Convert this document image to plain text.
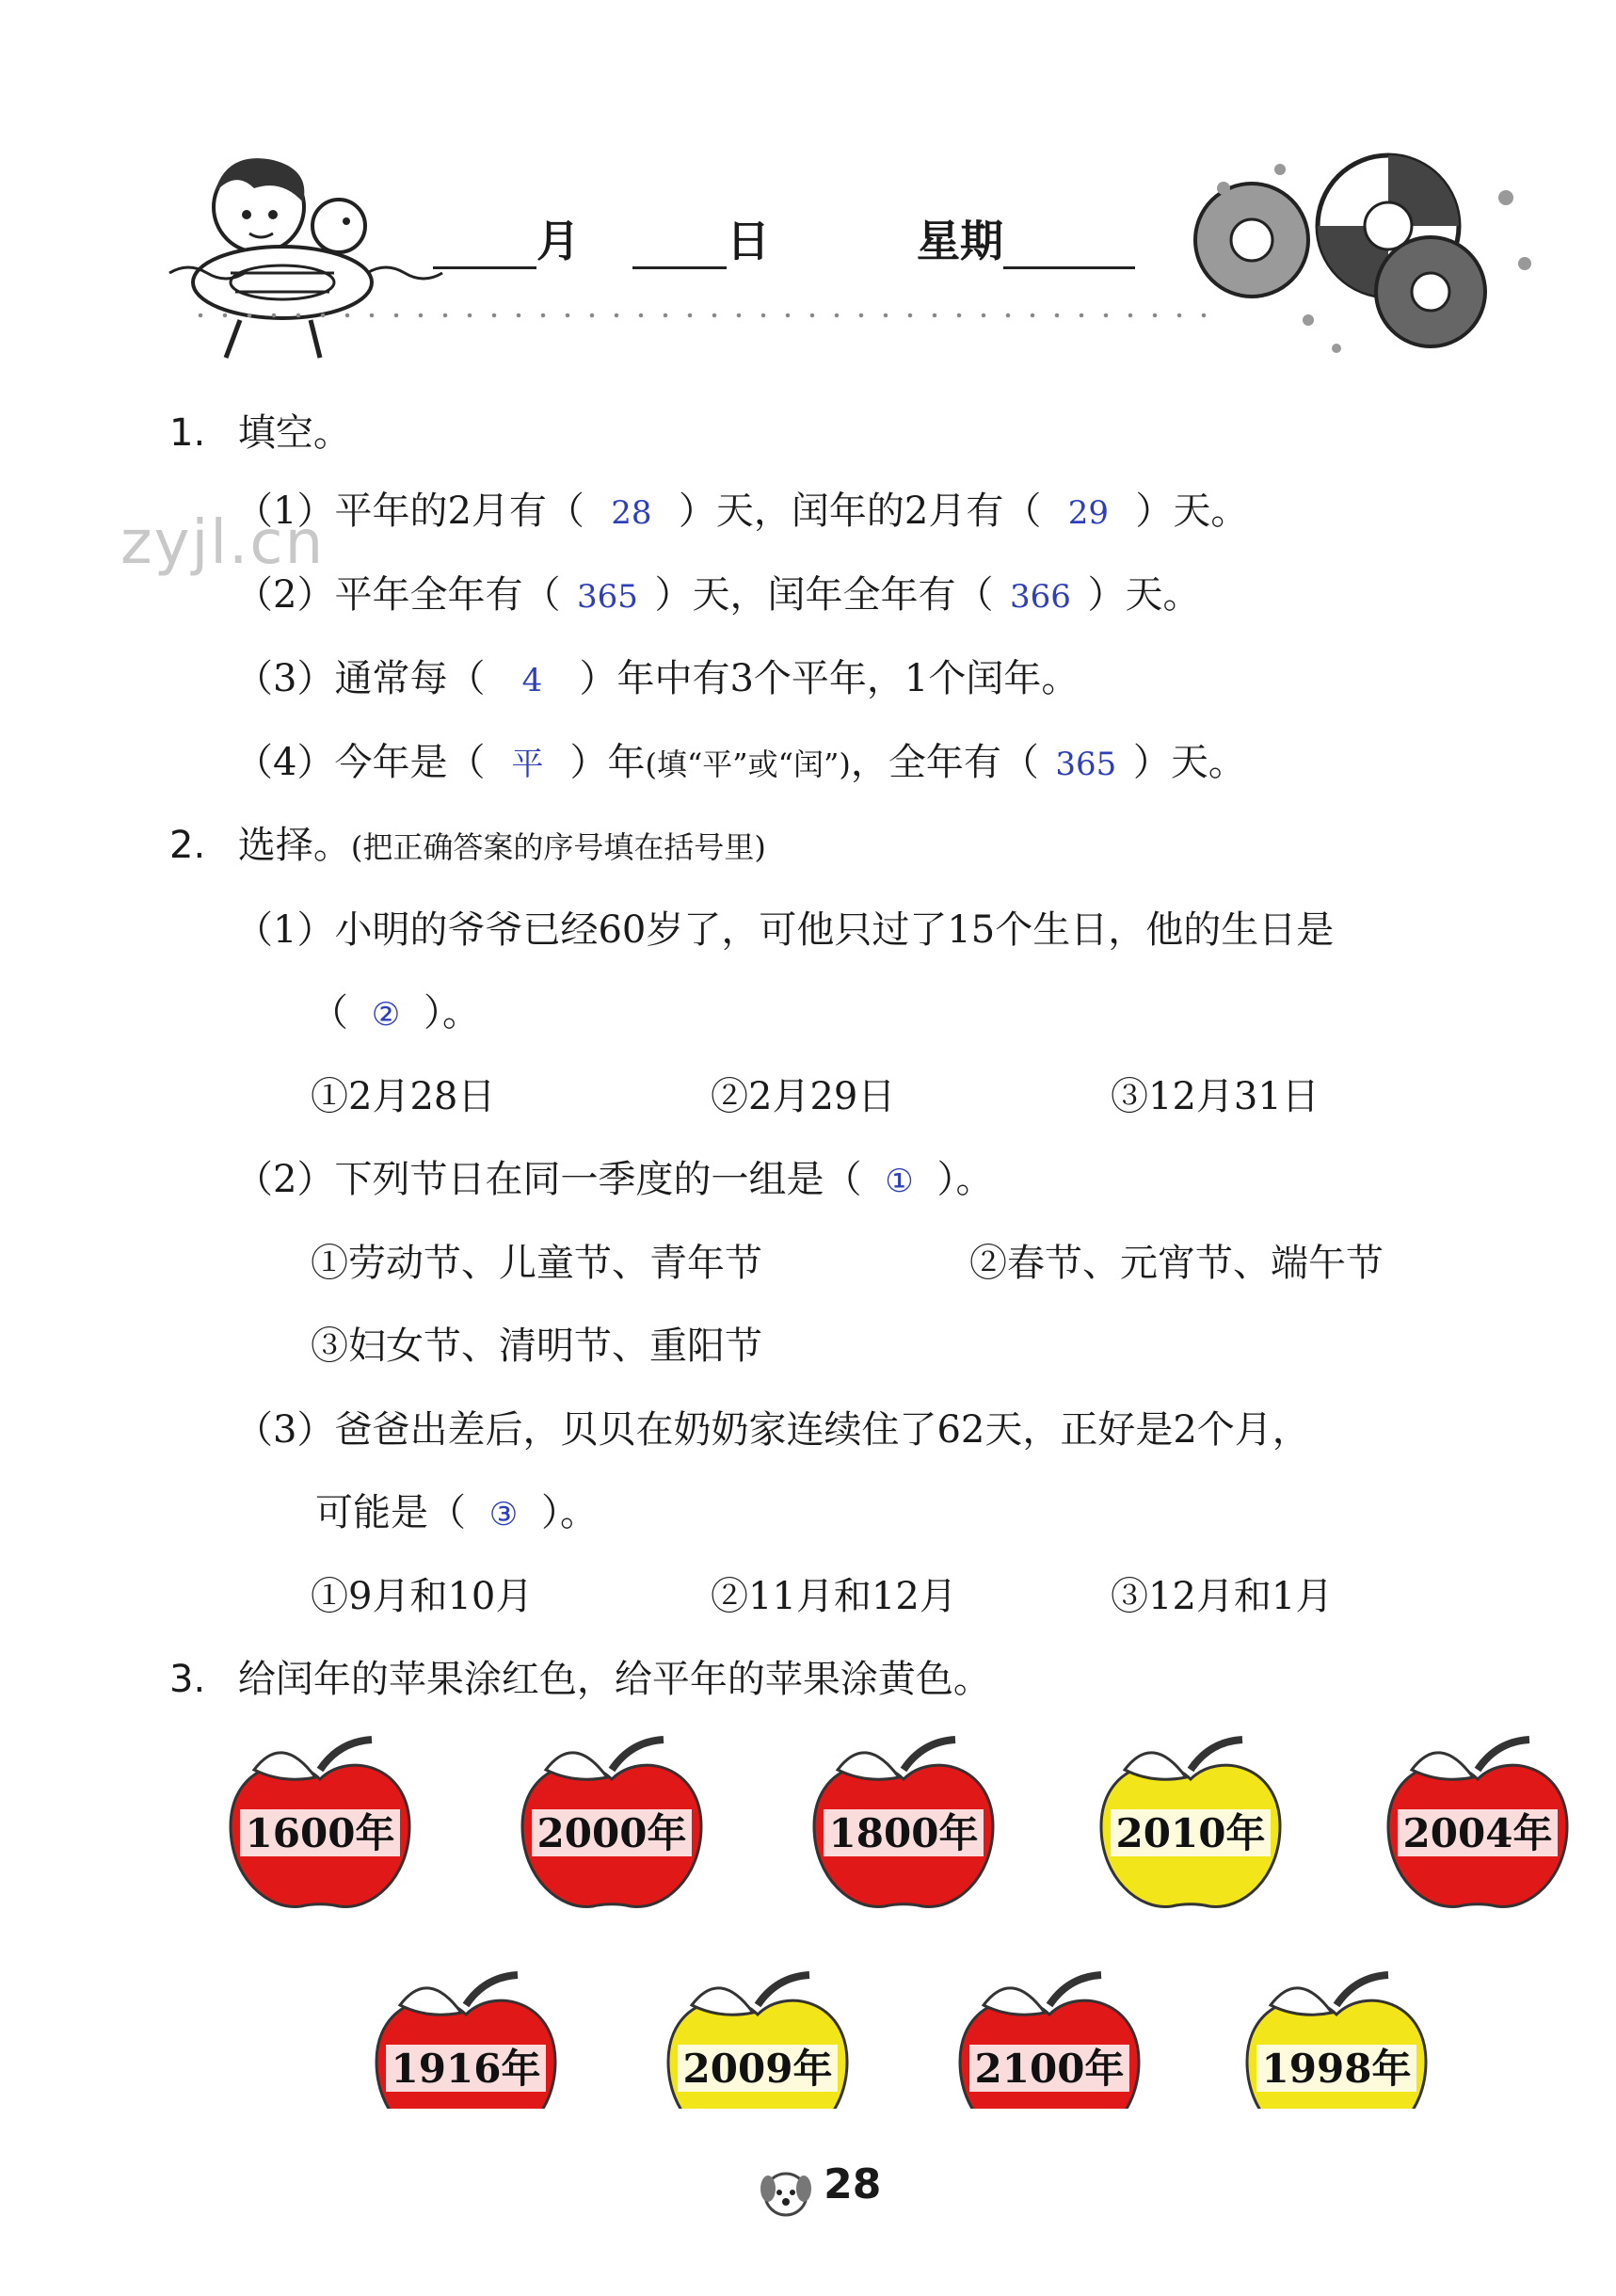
月	日	星期
zyjl.cn
1. 填空。
（1）平年的2月有（ 28 ）天，闰年的2月有（ 29 ）天。
（2）平年全年有（ 365 ）天，闰年全年有（ 366 ）天。
（3）通常每（ 4 ）年中有3个平年，1个闰年。
（4）今年是（ 平 ）年(填“平”或“闰”)，全年有（ 365 ）天。
2. 选择。(把正确答案的序号填在括号里)
（1）小明的爷爷已经60岁了，可他只过了15个生日，他的生日是
（ ② ）。
①2月28日	②2月29日	③12月31日
（2）下列节日在同一季度的一组是（ ① ）。
①劳动节、儿童节、青年节	②春节、元宵节、端午节
③妇女节、清明节、重阳节
（3）爸爸出差后，贝贝在奶奶家连续住了62天，正好是2个月，
可能是（ ③ ）。
①9月和10月	②11月和12月	③12月和1月
3. 给闰年的苹果涂红色，给平年的苹果涂黄色。
1600年	2000年	1800年	2010年	2004年
1916年	2009年	2100年	1998年
28
